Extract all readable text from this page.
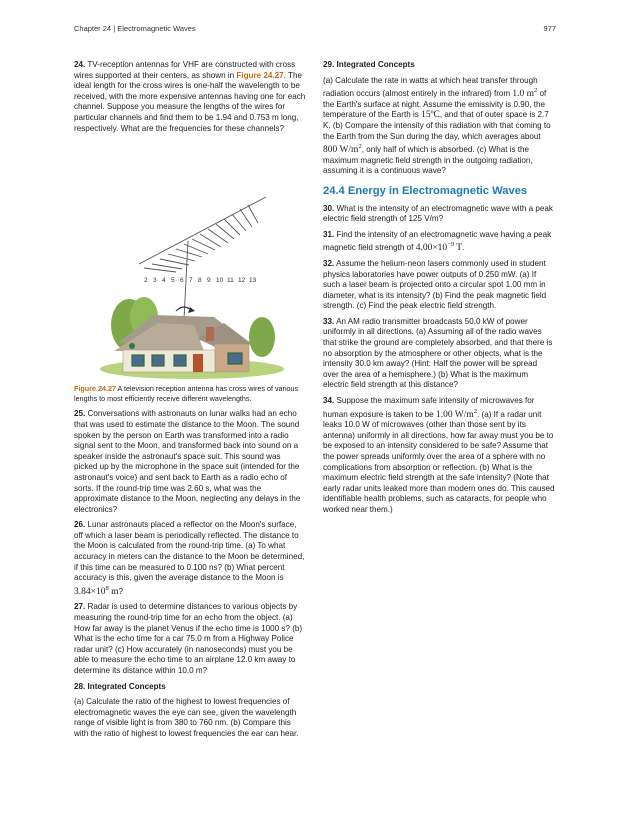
Chapter 24 | Electromagnetic Waves	977

24. TV-reception antennas for VHF are constructed with cross wires supported at their centers, as shown in Figure 24.27. The ideal length for the cross wires is one-half the wavelength to be received, with the more expensive antennas having one for each channel. Suppose you measure the lengths of the wires for particular channels and find them to be 1.94 and 0.753 m long, respectively. What are the frequencies for these channels?

2 3 4 5 6 7 8 9 10 11 12 13

Figure 24.27 A television reception antenna has cross wires of various lengths to most efficiently receive different wavelengths.

25. Conversations with astronauts on lunar walks had an echo that was used to estimate the distance to the Moon. The sound spoken by the person on Earth was transformed into a radio signal sent to the Moon, and transformed back into sound on a speaker inside the astronaut's space suit. This sound was picked up by the microphone in the space suit (intended for the astronaut's voice) and sent back to Earth as a radio echo of sorts. If the round-trip time was 2.60 s, what was the approximate distance to the Moon, neglecting any delays in the electronics?

26. Lunar astronauts placed a reflector on the Moon's surface, off which a laser beam is periodically reflected. The distance to the Moon is calculated from the round-trip time. (a) To what accuracy in meters can the distance to the Moon be determined, if this time can be measured to 0.100 ns? (b) What percent accuracy is this, given the average distance to the Moon is $3.84\times 10^8$ m?

27. Radar is used to determine distances to various objects by measuring the round-trip time for an echo from the object. (a) How far away is the planet Venus if the echo time is 1000 s? (b) What is the echo time for a car 75.0 m from a Highway Police radar unit? (c) How accurately (in nanoseconds) must you be able to measure the echo time to an airplane 12.0 km away to determine its distance within 10.0 m?

28. Integrated Concepts

(a) Calculate the ratio of the highest to lowest frequencies of electromagnetic waves the eye can see, given the wavelength range of visible light is from 380 to 760 nm. (b) Compare this with the ratio of highest to lowest frequencies the ear can hear.

29. Integrated Concepts

(a) Calculate the rate in watts at which heat transfer through radiation occurs (almost entirely in the infrared) from 1.0 $m^2$ of the Earth's surface at night. Assume the emissivity is 0.90, the temperature of the Earth is 15ºC, and that of outer space is 2.7 K. (b) Compare the intensity of this radiation with that coming to the Earth from the Sun during the day, which averages about 800 $W/m^2$, only half of which is absorbed. (c) What is the maximum magnetic field strength in the outgoing radiation, assuming it is a continuous wave?

24.4 Energy in Electromagnetic Waves

30. What is the intensity of an electromagnetic wave with a peak electric field strength of 125 V/m?

31. Find the intensity of an electromagnetic wave having a peak magnetic field strength of $4.00\times 10^{-9}$ T.

32. Assume the helium-neon lasers commonly used in student physics laboratories have power outputs of 0.250 mW. (a) If such a laser beam is projected onto a circular spot 1.00 mm in diameter, what is its intensity? (b) Find the peak magnetic field strength. (c) Find the peak electric field strength.

33. An AM radio transmitter broadcasts 50.0 kW of power uniformly in all directions. (a) Assuming all of the radio waves that strike the ground are completely absorbed, and that there is no absorption by the atmosphere or other objects, what is the intensity 30.0 km away? (Hint: Half the power will be spread over the area of a hemisphere.) (b) What is the maximum electric field strength at this distance?

34. Suppose the maximum safe intensity of microwaves for human exposure is taken to be 1.00 $W/m^2$. (a) If a radar unit leaks 10.0 W of microwaves (other than those sent by its antenna) uniformly in all directions, how far away must you be to be exposed to an intensity considered to be safe? Assume that the power spreads uniformly over the area of a sphere with no complications from absorption or reflection. (b) What is the maximum electric field strength at the safe intensity? (Note that early radar units leaked more than modern ones do. This caused identifiable health problems, such as cataracts, for people who worked near them.)
